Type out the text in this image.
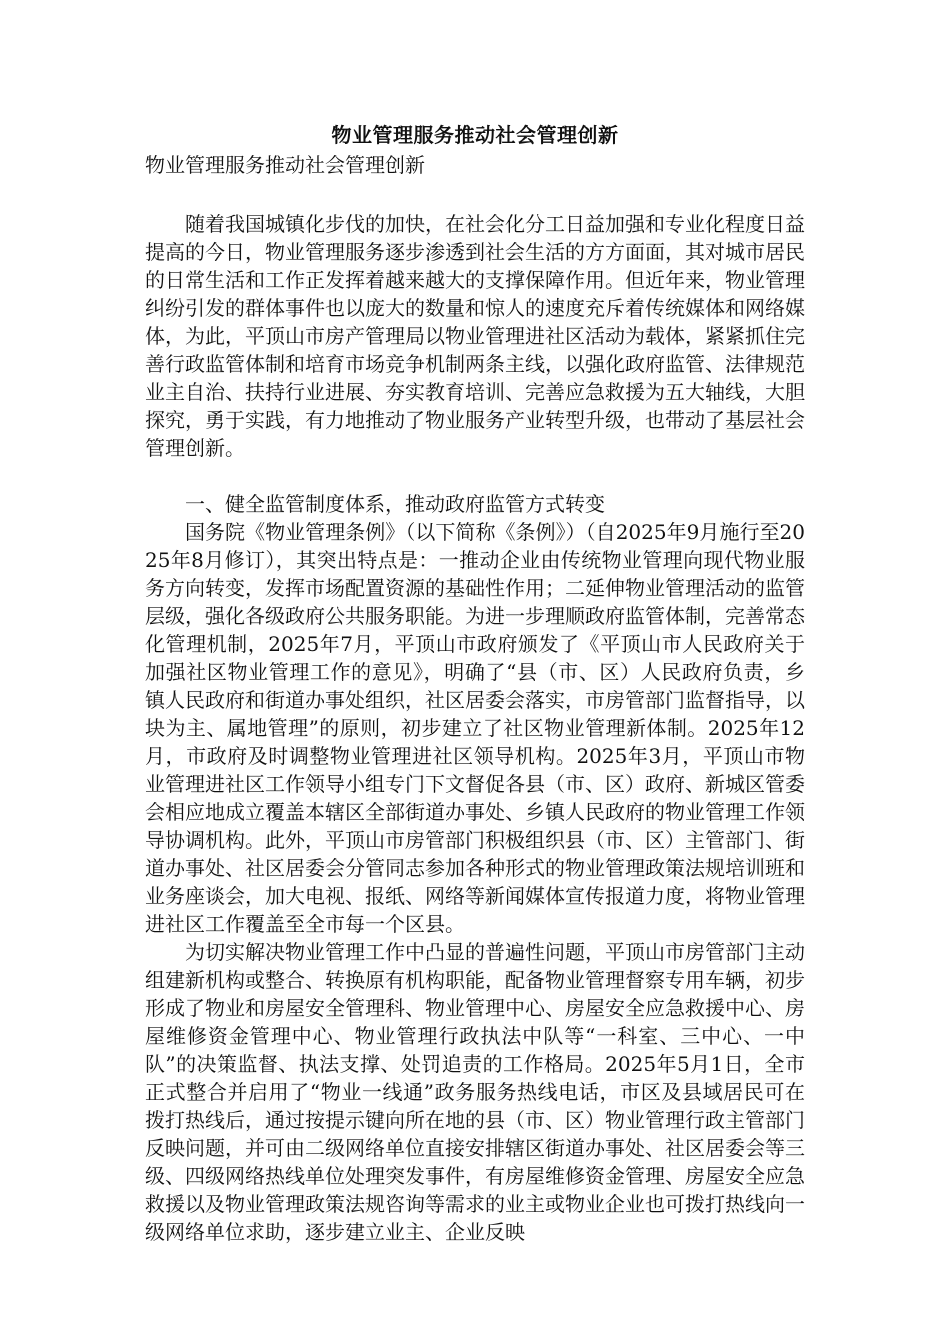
物业管理服务推动社会管理创新
物业管理服务推动社会管理创新

随着我国城镇化步伐的加快，在社会化分工日益加强和专业化程度日益提高的今日，物业管理服务逐步渗透到社会生活的方方面面，其对城市居民的日常生活和工作正发挥着越来越大的支撑保障作用。但近年来，物业管理纠纷引发的群体事件也以庞大的数量和惊人的速度充斥着传统媒体和网络媒体，为此，平顶山市房产管理局以物业管理进社区活动为载体，紧紧抓住完善行政监管体制和培育市场竞争机制两条主线，以强化政府监管、法律规范业主自治、扶持行业进展、夯实教育培训、完善应急救援为五大轴线，大胆探究，勇于实践，有力地推动了物业服务产业转型升级，也带动了基层社会管理创新。

一、健全监管制度体系，推动政府监管方式转变

国务院《物业管理条例》（以下简称《条例》）（自2025年9月施行至2025年8月修订），其突出特点是：一推动企业由传统物业管理向现代物业服务方向转变，发挥市场配置资源的基础性作用；二延伸物业管理活动的监管层级，强化各级政府公共服务职能。为进一步理顺政府监管体制，完善常态化管理机制，2025年7月，平顶山市政府颁发了《平顶山市人民政府关于加强社区物业管理工作的意见》，明确了“县（市、区）人民政府负责，乡镇人民政府和街道办事处组织，社区居委会落实，市房管部门监督指导，以块为主、属地管理”的原则，初步建立了社区物业管理新体制。2025年12月，市政府及时调整物业管理进社区领导机构。2025年3月，平顶山市物业管理进社区工作领导小组专门下文督促各县（市、区）政府、新城区管委会相应地成立覆盖本辖区全部街道办事处、乡镇人民政府的物业管理工作领导协调机构。此外，平顶山市房管部门积极组织县（市、区）主管部门、街道办事处、社区居委会分管同志参加各种形式的物业管理政策法规培训班和业务座谈会，加大电视、报纸、网络等新闻媒体宣传报道力度，将物业管理进社区工作覆盖至全市每一个区县。

为切实解决物业管理工作中凸显的普遍性问题，平顶山市房管部门主动组建新机构或整合、转换原有机构职能，配备物业管理督察专用车辆，初步形成了物业和房屋安全管理科、物业管理中心、房屋安全应急救援中心、房屋维修资金管理中心、物业管理行政执法中队等“一科室、三中心、一中队”的决策监督、执法支撑、处罚追责的工作格局。2025年5月1日，全市正式整合并启用了“物业一线通”政务服务热线电话，市区及县域居民可在拨打热线后，通过按提示键向所在地的县（市、区）物业管理行政主管部门反映问题，并可由二级网络单位直接安排辖区街道办事处、社区居委会等三级、四级网络热线单位处理突发事件，有房屋维修资金管理、房屋安全应急救援以及物业管理政策法规咨询等需求的业主或物业企业也可拨打热线向一级网络单位求助，逐步建立业主、企业反映
